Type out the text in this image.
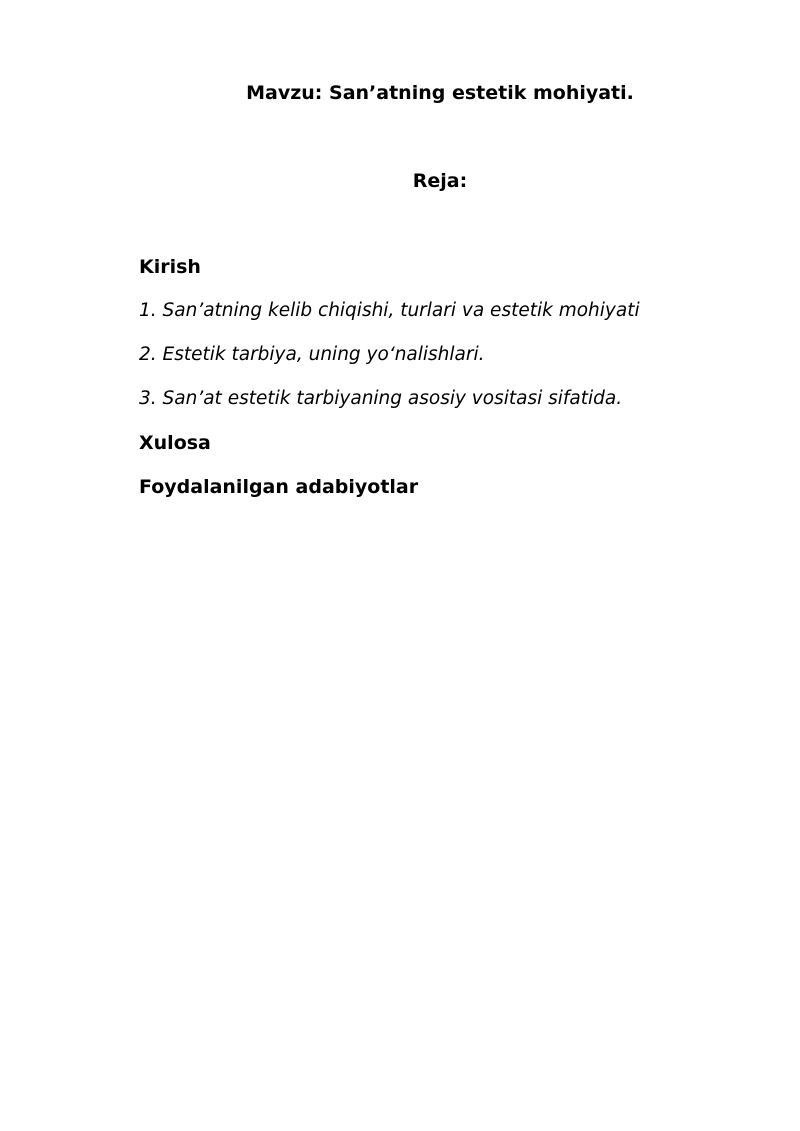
Mavzu: San’atning estetik mohiyati.
Reja:
Kirish
1. San’atning kelib chiqishi, turlari va estetik mohiyati
2. Estetik tarbiya, uning yo‘nalishlari.
3. San’at estetik tarbiyaning asosiy vositasi sifatida.
Xulosa
Foydalanilgan adabiyotlar
